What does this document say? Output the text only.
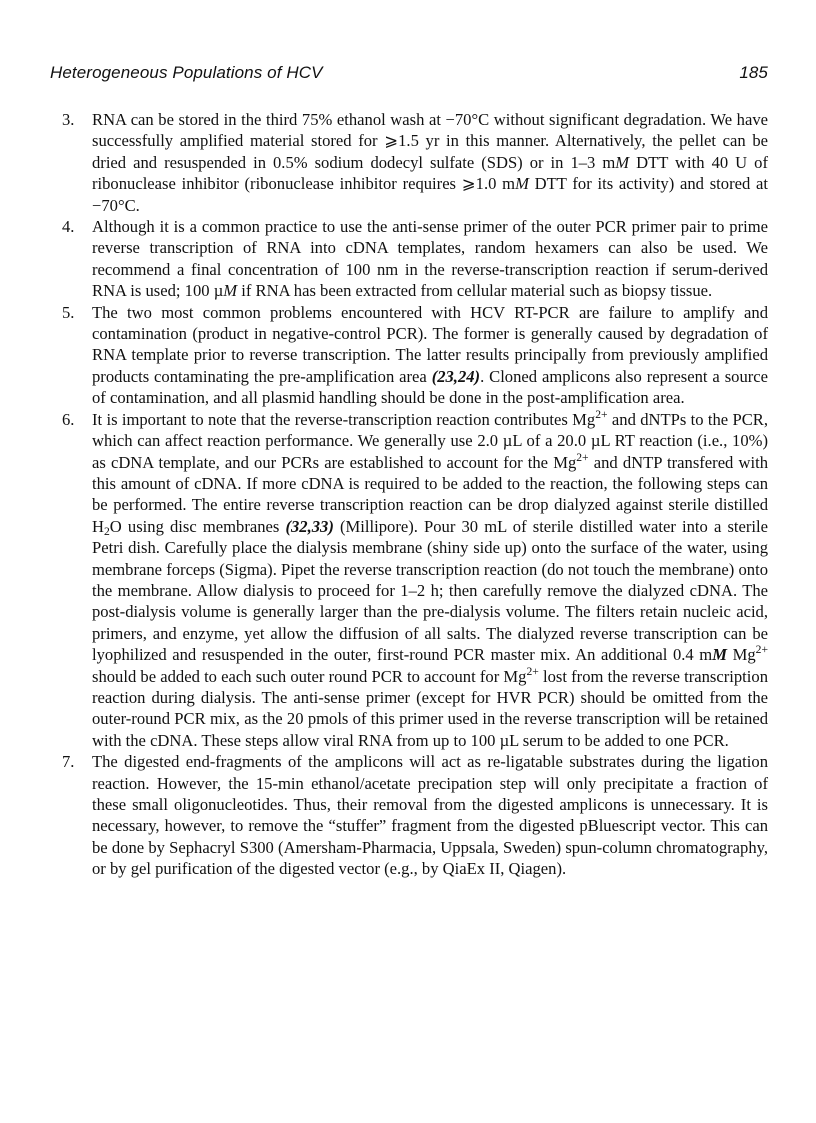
Heterogeneous Populations of HCV	185
3.	RNA can be stored in the third 75% ethanol wash at −70°C without significant degradation. We have successfully amplified material stored for ⩾1.5 yr in this manner. Alternatively, the pellet can be dried and resuspended in 0.5% sodium dodecyl sulfate (SDS) or in 1–3 mM DTT with 40 U of ribonuclease inhibitor (ribonuclease inhibitor requires ⩾1.0 mM DTT for its activity) and stored at −70°C.
4.	Although it is a common practice to use the anti-sense primer of the outer PCR primer pair to prime reverse transcription of RNA into cDNA templates, random hexamers can also be used. We recommend a final concentration of 100 nm in the reverse-transcription reaction if serum-derived RNA is used; 100 µM if RNA has been extracted from cellular material such as biopsy tissue.
5.	The two most common problems encountered with HCV RT-PCR are failure to amplify and contamination (product in negative-control PCR). The former is generally caused by degradation of RNA template prior to reverse transcription. The latter results principally from previously amplified products contaminating the pre-amplification area (23,24). Cloned amplicons also represent a source of contamination, and all plasmid handling should be done in the post-amplification area.
6.	It is important to note that the reverse-transcription reaction contributes $Mg^{2+}$ and dNTPs to the PCR, which can affect reaction performance. We generally use 2.0 µL of a 20.0 µL RT reaction (i.e., 10%) as cDNA template, and our PCRs are established to account for the $Mg^{2+}$ and dNTP transfered with this amount of cDNA. If more cDNA is required to be added to the reaction, the following steps can be performed. The entire reverse transcription reaction can be drop dialyzed against sterile distilled $H_2O$ using disc membranes (32,33) (Millipore). Pour 30 mL of sterile distilled water into a sterile Petri dish. Carefully place the dialysis membrane (shiny side up) onto the surface of the water, using membrane forceps (Sigma). Pipet the reverse transcription reaction (do not touch the membrane) onto the membrane. Allow dialysis to proceed for 1–2 h; then carefully remove the dialyzed cDNA. The post-dialysis volume is generally larger than the pre-dialysis volume. The filters retain nucleic acid, primers, and enzyme, yet allow the diffusion of all salts. The dialyzed reverse transcription can be lyophilized and resuspended in the outer, first-round PCR master mix. An additional 0.4 mM $Mg^{2+}$ should be added to each such outer round PCR to account for $Mg^{2+}$ lost from the reverse transcription reaction during dialysis. The anti-sense primer (except for HVR PCR) should be omitted from the outer-round PCR mix, as the 20 pmols of this primer used in the reverse transcription will be retained with the cDNA. These steps allow viral RNA from up to 100 µL serum to be added to one PCR.
7.	The digested end-fragments of the amplicons will act as re-ligatable substrates during the ligation reaction. However, the 15-min ethanol/acetate precipation step will only precipitate a fraction of these small oligonucleotides. Thus, their removal from the digested amplicons is unnecessary. It is necessary, however, to remove the “stuffer” fragment from the digested pBluescript vector. This can be done by Sephacryl S300 (Amersham-Pharmacia, Uppsala, Sweden) spun-column chromatography, or by gel purification of the digested vector (e.g., by QiaEx II, Qiagen).
